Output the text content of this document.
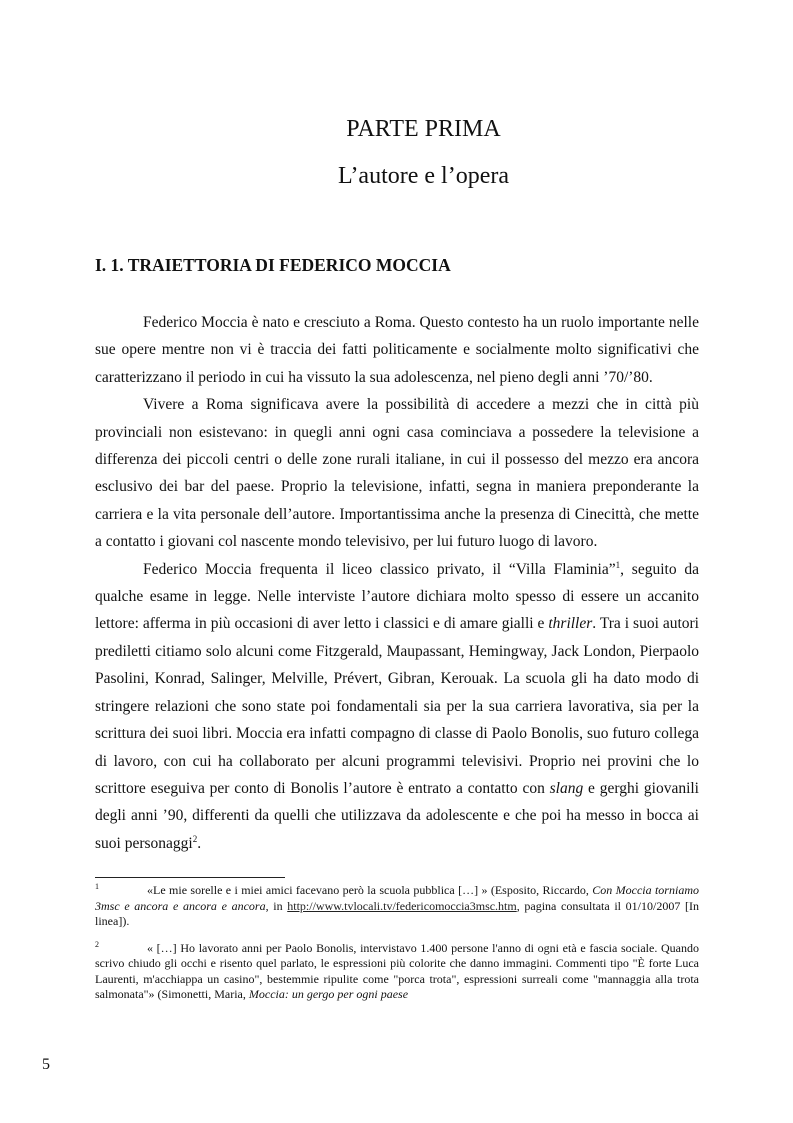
PARTE PRIMA
L’autore e l’opera
I. 1. TRAIETTORIA DI FEDERICO MOCCIA

Federico Moccia è nato e cresciuto a Roma. Questo contesto ha un ruolo importante nelle sue opere mentre non vi è traccia dei fatti politicamente e socialmente molto significativi che caratterizzano il periodo in cui ha vissuto la sua adolescenza, nel pieno degli anni ’70/’80.

Vivere a Roma significava avere la possibilità di accedere a mezzi che in città più provinciali non esistevano: in quegli anni ogni casa cominciava a possedere la televisione a differenza dei piccoli centri o delle zone rurali italiane, in cui il possesso del mezzo era ancora esclusivo dei bar del paese. Proprio la televisione, infatti, segna in maniera preponderante la carriera e la vita personale dell’autore. Importantissima anche la presenza di Cinecittà, che mette a contatto i giovani col nascente mondo televisivo, per lui futuro luogo di lavoro.

Federico Moccia frequenta il liceo classico privato, il “Villa Flaminia”$^1$, seguito da qualche esame in legge. Nelle interviste l’autore dichiara molto spesso di essere un accanito lettore: afferma in più occasioni di aver letto i classici e di amare gialli e thriller. Tra i suoi autori prediletti citiamo solo alcuni come Fitzgerald, Maupassant, Hemingway, Jack London, Pierpaolo Pasolini, Konrad, Salinger, Melville, Prévert, Gibran, Kerouak. La scuola gli ha dato modo di stringere relazioni che sono state poi fondamentali sia per la sua carriera lavorativa, sia per la scrittura dei suoi libri. Moccia era infatti compagno di classe di Paolo Bonolis, suo futuro collega di lavoro, con cui ha collaborato per alcuni programmi televisivi. Proprio nei provini che lo scrittore eseguiva per conto di Bonolis l’autore è entrato a contatto con slang e gerghi giovanili degli anni ’90, differenti da quelli che utilizzava da adolescente e che poi ha messo in bocca ai suoi personaggi$^2$.

1	«Le mie sorelle e i miei amici facevano però la scuola pubblica […] » (Esposito, Riccardo, Con Moccia torniamo 3msc e ancora e ancora e ancora, in http://www.tvlocali.tv/federicomoccia3msc.htm, pagina consultata il 01/10/2007 [In linea]).

2	« […] Ho lavorato anni per Paolo Bonolis, intervistavo 1.400 persone l'anno di ogni età e fascia sociale. Quando scrivo chiudo gli occhi e risento quel parlato, le espressioni più colorite che danno immagini. Commenti tipo "È forte Luca Laurenti, m'acchiappa un casino", bestemmie ripulite come "porca trota", espressioni surreali come "mannaggia alla trota salmonata"» (Simonetti, Maria, Moccia: un gergo per ogni paese

5
